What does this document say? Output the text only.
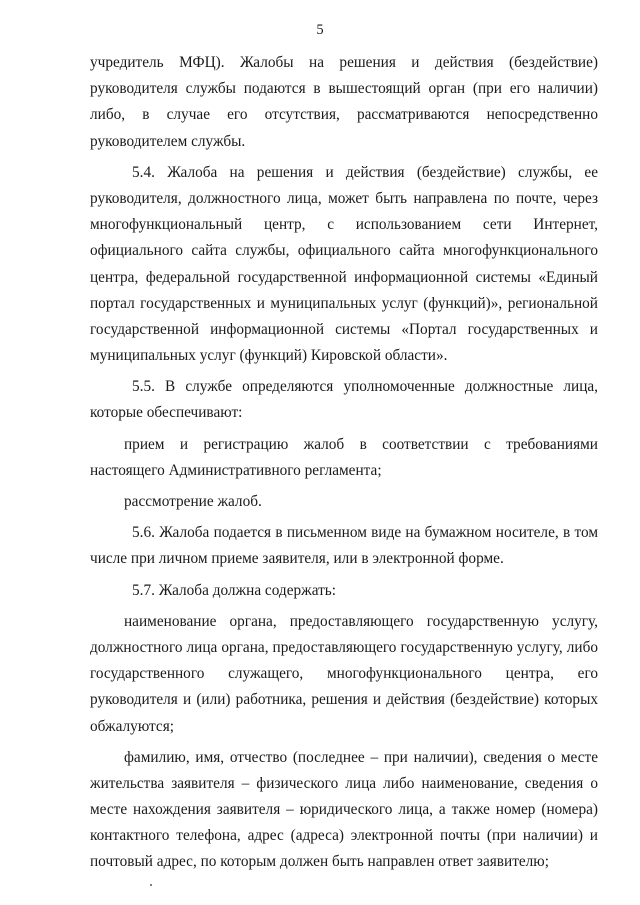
5
учредитель МФЦ). Жалобы на решения и действия (бездействие)
руководителя службы подаются в вышестоящий орган (при его наличии)
либо, в случае его отсутствия, рассматриваются непосредственно
руководителем службы.
5.4. Жалоба на решения и действия (бездействие) службы, ее
руководителя, должностного лица, может быть направлена по почте, через
многофункциональный центр, с использованием сети Интернет,
официального сайта службы, официального сайта многофункционального
центра, федеральной государственной информационной системы «Единый
портал государственных и муниципальных услуг (функций)», региональной
государственной информационной системы «Портал государственных и
муниципальных услуг (функций) Кировской области».
5.5. В службе определяются уполномоченные должностные лица,
которые обеспечивают:
прием и регистрацию жалоб в соответствии с требованиями
настоящего Административного регламента;
рассмотрение жалоб.
5.6. Жалоба подается в письменном виде на бумажном носителе, в том
числе при личном приеме заявителя, или в электронной форме.
5.7. Жалоба должна содержать:
наименование органа, предоставляющего государственную услугу,
должностного лица органа, предоставляющего государственную услугу, либо
государственного служащего, многофункционального центра, его
руководителя и (или) работника, решения и действия (бездействие) которых
обжалуются;
фамилию, имя, отчество (последнее – при наличии), сведения о месте
жительства заявителя – физического лица либо наименование, сведения о
месте нахождения заявителя – юридического лица, а также номер (номера)
контактного телефона, адрес (адреса) электронной почты (при наличии) и
почтовый адрес, по которым должен быть направлен ответ заявителю;
